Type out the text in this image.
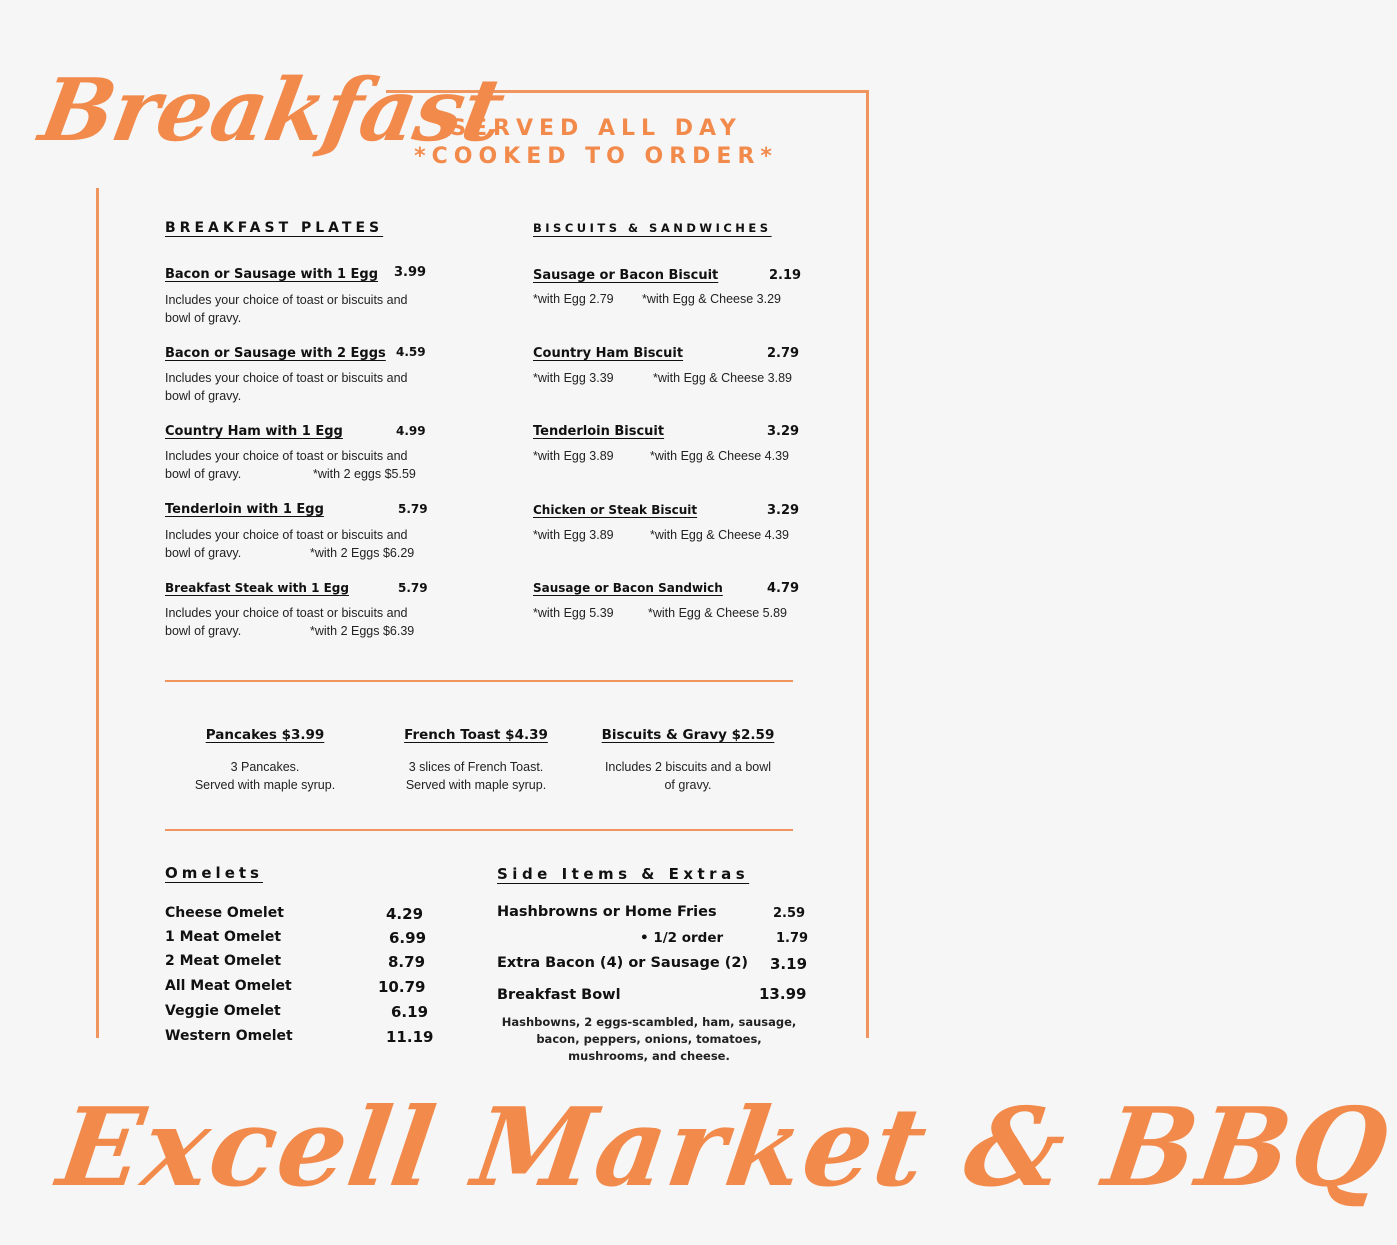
Breakfast
SERVED ALL DAY
*COOKED TO ORDER*
BREAKFAST PLATES
Bacon or Sausage with 1 Egg 3.99
Includes your choice of toast or biscuits and
bowl of gravy.
Bacon or Sausage with 2 Eggs 4.59
Includes your choice of toast or biscuits and
bowl of gravy.
Country Ham with 1 Egg	4.99
Includes your choice of toast or biscuits and
bowl of gravy.	*with 2 eggs $5.59
Tenderloin with 1 Egg	5.79
Includes your choice of toast or biscuits and
bowl of gravy.	*with 2 Eggs $6.29
Breakfast Steak with 1 Egg	5.79
Includes your choice of toast or biscuits and
bowl of gravy.	*with 2 Eggs $6.39
BISCUITS & SANDWICHES
Sausage or Bacon Biscuit	2.19
*with Egg 2.79 *with Egg & Cheese 3.29
Country Ham Biscuit	2.79
*with Egg 3.39	*with Egg & Cheese 3.89
Tenderloin Biscuit	3.29
*with Egg 3.89	*with Egg & Cheese 4.39
Chicken or Steak Biscuit	3.29
*with Egg 3.89	*with Egg & Cheese 4.39
Sausage or Bacon Sandwich	4.79
*with Egg 5.39	*with Egg & Cheese 5.89
Pancakes $3.99
3 Pancakes.
Served with maple syrup.
French Toast $4.39
3 slices of French Toast.
Served with maple syrup.
Biscuits & Gravy $2.59
Includes 2 biscuits and a bowl
of gravy.
Omelets
Cheese Omelet	4.29
1 Meat Omelet	6.99
2 Meat Omelet	8.79
All Meat Omelet	10.79
Veggie Omelet	6.19
Western Omelet	11.19
Side Items & Extras
Hashbrowns or Home Fries	2.59
• 1/2 order	1.79
Extra Bacon (4) or Sausage (2) 3.19
Breakfast Bowl	13.99
Hashbowns, 2 eggs-scambled, ham, sausage,
bacon, peppers, onions, tomatoes,
mushrooms, and cheese.
Excell Market & BBQ
